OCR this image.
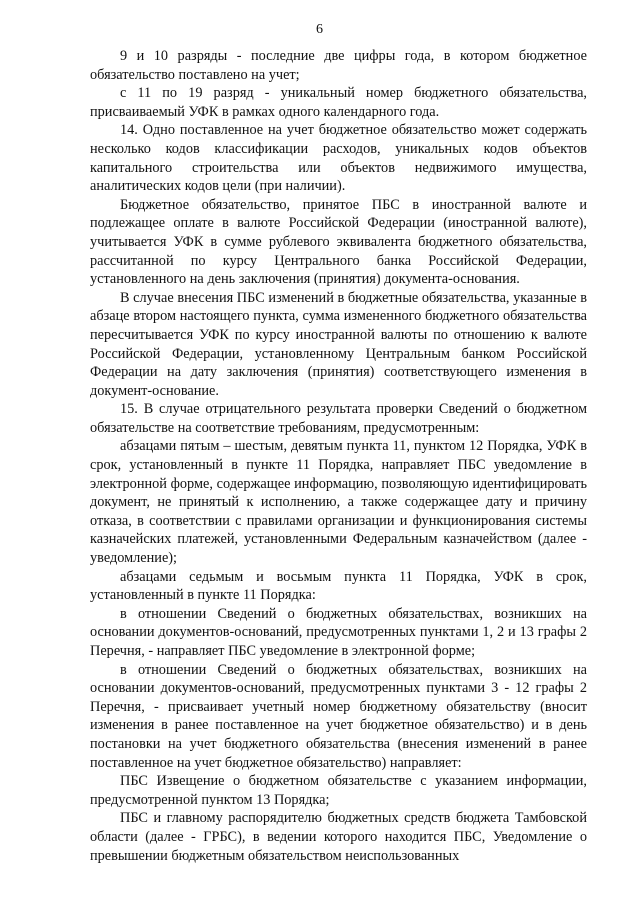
6

9 и 10 разряды - последние две цифры года, в котором бюджетное обязательство поставлено на учет;

с 11 по 19 разряд - уникальный номер бюджетного обязательства, присваиваемый УФК в рамках одного календарного года.

14. Одно поставленное на учет бюджетное обязательство может содержать несколько кодов классификации расходов, уникальных кодов объектов капитального строительства или объектов недвижимого имущества, аналитических кодов цели (при наличии).

Бюджетное обязательство, принятое ПБС в иностранной валюте и подлежащее оплате в валюте Российской Федерации (иностранной валюте), учитывается УФК в сумме рублевого эквивалента бюджетного обязательства, рассчитанной по курсу Центрального банка Российской Федерации, установленного на день заключения (принятия) документа-основания.

В случае внесения ПБС изменений в бюджетные обязательства, указанные в абзаце втором настоящего пункта, сумма измененного бюджетного обязательства пересчитывается УФК по курсу иностранной валюты по отношению к валюте Российской Федерации, установленному Центральным банком Российской Федерации на дату заключения (принятия) соответствующего изменения в документ-основание.

15. В случае отрицательного результата проверки Сведений о бюджетном обязательстве на соответствие требованиям, предусмотренным:

абзацами пятым – шестым, девятым пункта 11, пунктом 12 Порядка, УФК в срок, установленный в пункте 11 Порядка, направляет ПБС уведомление в электронной форме, содержащее информацию, позволяющую идентифицировать документ, не принятый к исполнению, а также содержащее дату и причину отказа, в соответствии с правилами организации и функционирования системы казначейских платежей, установленными Федеральным казначейством (далее - уведомление);

абзацами седьмым и восьмым пункта 11 Порядка, УФК в срок, установленный в пункте 11 Порядка:

в отношении Сведений о бюджетных обязательствах, возникших на основании документов-оснований, предусмотренных пунктами 1, 2 и 13 графы 2 Перечня, - направляет ПБС уведомление в электронной форме;

в отношении Сведений о бюджетных обязательствах, возникших на основании документов-оснований, предусмотренных пунктами 3 - 12 графы 2 Перечня, - присваивает учетный номер бюджетному обязательству (вносит изменения в ранее поставленное на учет бюджетное обязательство) и в день постановки на учет бюджетного обязательства (внесения изменений в ранее поставленное на учет бюджетное обязательство) направляет:

ПБС Извещение о бюджетном обязательстве с указанием информации, предусмотренной пунктом 13 Порядка;

ПБС и главному распорядителю бюджетных средств бюджета Тамбовской области (далее - ГРБС), в ведении которого находится ПБС, Уведомление о превышении бюджетным обязательством неиспользованных
